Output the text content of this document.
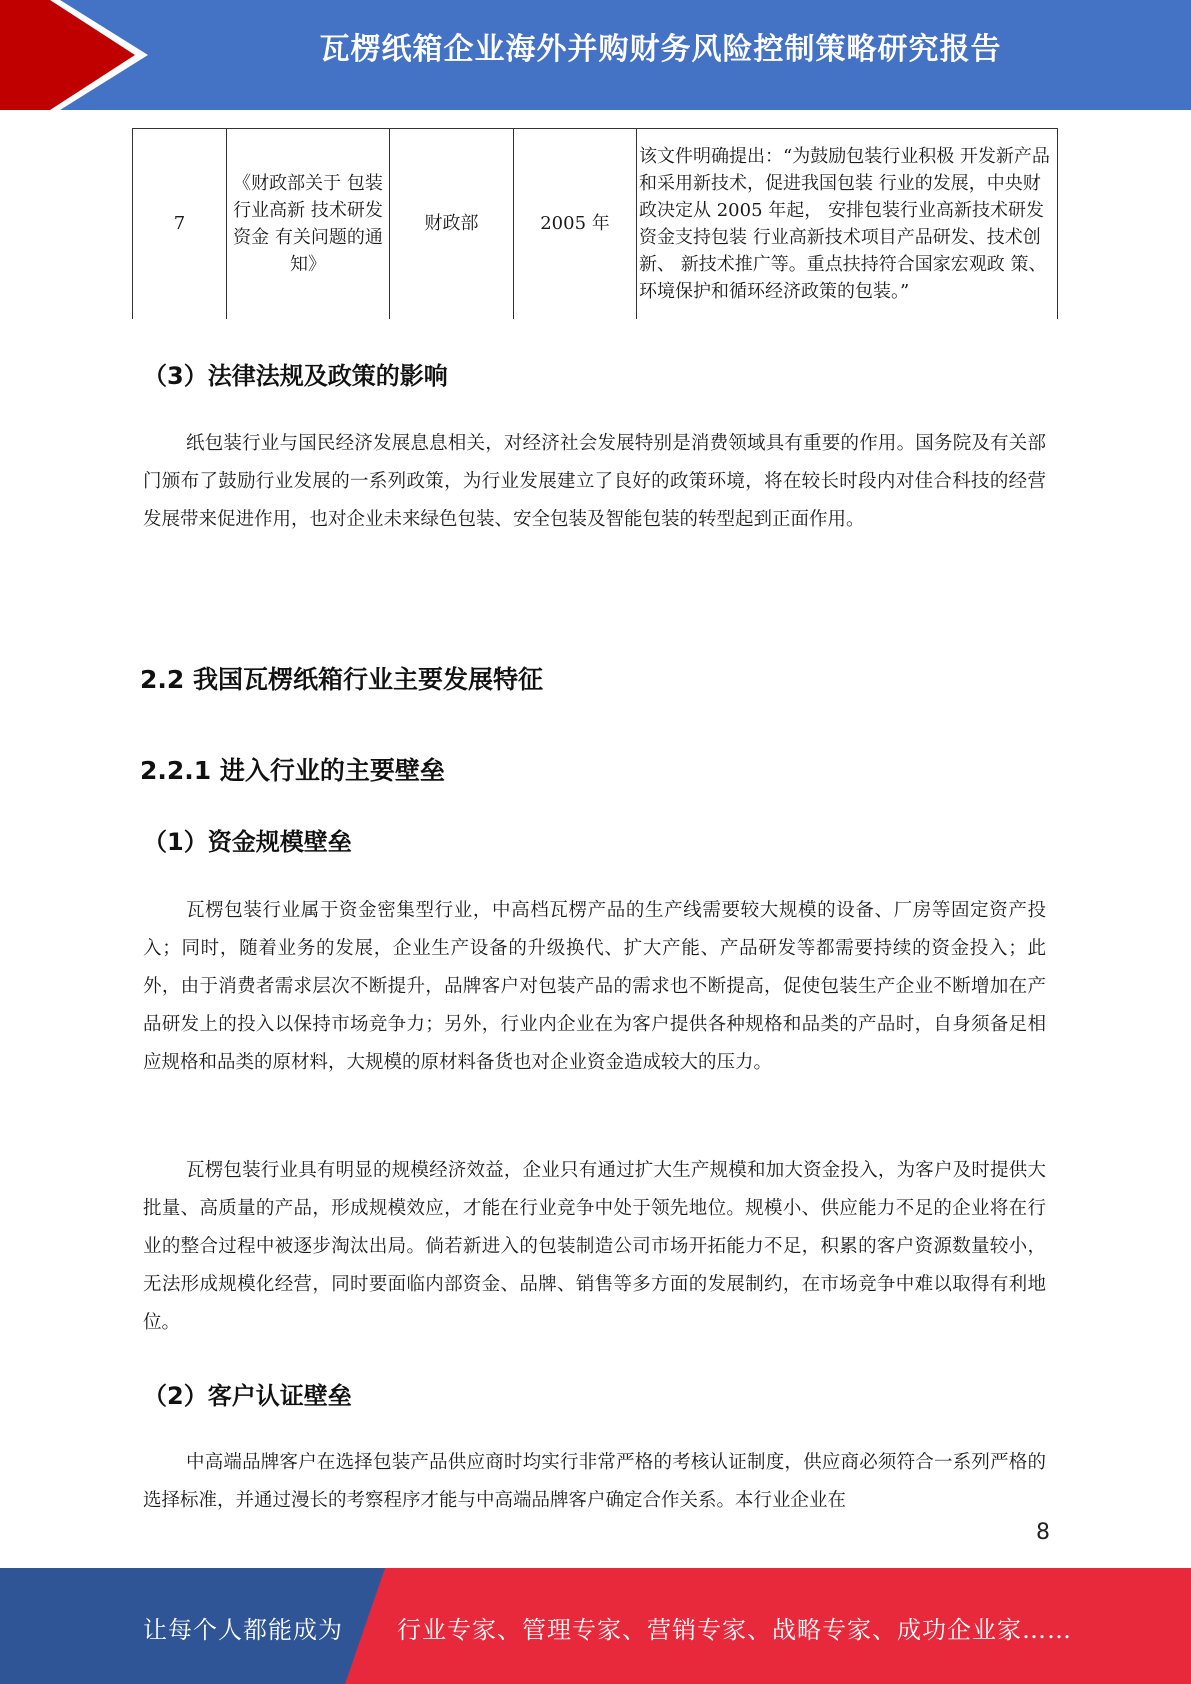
瓦楞纸箱企业海外并购财务风险控制策略研究报告
7	《财政部关于 包装行业高新 技术研发资金 有关问题的通 知》	财政部	2005 年	该文件明确提出：“为鼓励包装行业积极 开发新产品和采用新技术，促进我国包装 行业的发展，中央财政决定从 2005 年起， 安排包装行业高新技术研发资金支持包装 行业高新技术项目产品研发、技术创新、 新技术推广等。重点扶持符合国家宏观政 策、环境保护和循环经济政策的包装。”
（3）法律法规及政策的影响

纸包装行业与国民经济发展息息相关，对经济社会发展特别是消费领域具有重要的作用。国务院及有关部门颁布了鼓励行业发展的一系列政策，为行业发展建立了良好的政策环境，将在较长时段内对佳合科技的经营发展带来促进作用，也对企业未来绿色包装、安全包装及智能包装的转型起到正面作用。

2.2 我国瓦楞纸箱行业主要发展特征
2.2.1 进入行业的主要壁垒
（1）资金规模壁垒

瓦楞包装行业属于资金密集型行业，中高档瓦楞产品的生产线需要较大规模的设备、厂房等固定资产投入；同时，随着业务的发展，企业生产设备的升级换代、扩大产能、产品研发等都需要持续的资金投入；此外，由于消费者需求层次不断提升，品牌客户对包装产品的需求也不断提高，促使包装生产企业不断增加在产品研发上的投入以保持市场竞争力；另外，行业内企业在为客户提供各种规格和品类的产品时，自身须备足相应规格和品类的原材料，大规模的原材料备货也对企业资金造成较大的压力。

瓦楞包装行业具有明显的规模经济效益，企业只有通过扩大生产规模和加大资金投入，为客户及时提供大批量、高质量的产品，形成规模效应，才能在行业竞争中处于领先地位。规模小、供应能力不足的企业将在行业的整合过程中被逐步淘汰出局。倘若新进入的包装制造公司市场开拓能力不足，积累的客户资源数量较小，无法形成规模化经营，同时要面临内部资金、品牌、销售等多方面的发展制约，在市场竞争中难以取得有利地位。

（2）客户认证壁垒

中高端品牌客户在选择包装产品供应商时均实行非常严格的考核认证制度，供应商必须符合一系列严格的选择标准，并通过漫长的考察程序才能与中高端品牌客户确定合作关系。本行业企业在

8
让每个人都能成为 行业专家、管理专家、营销专家、战略专家、成功企业家……
